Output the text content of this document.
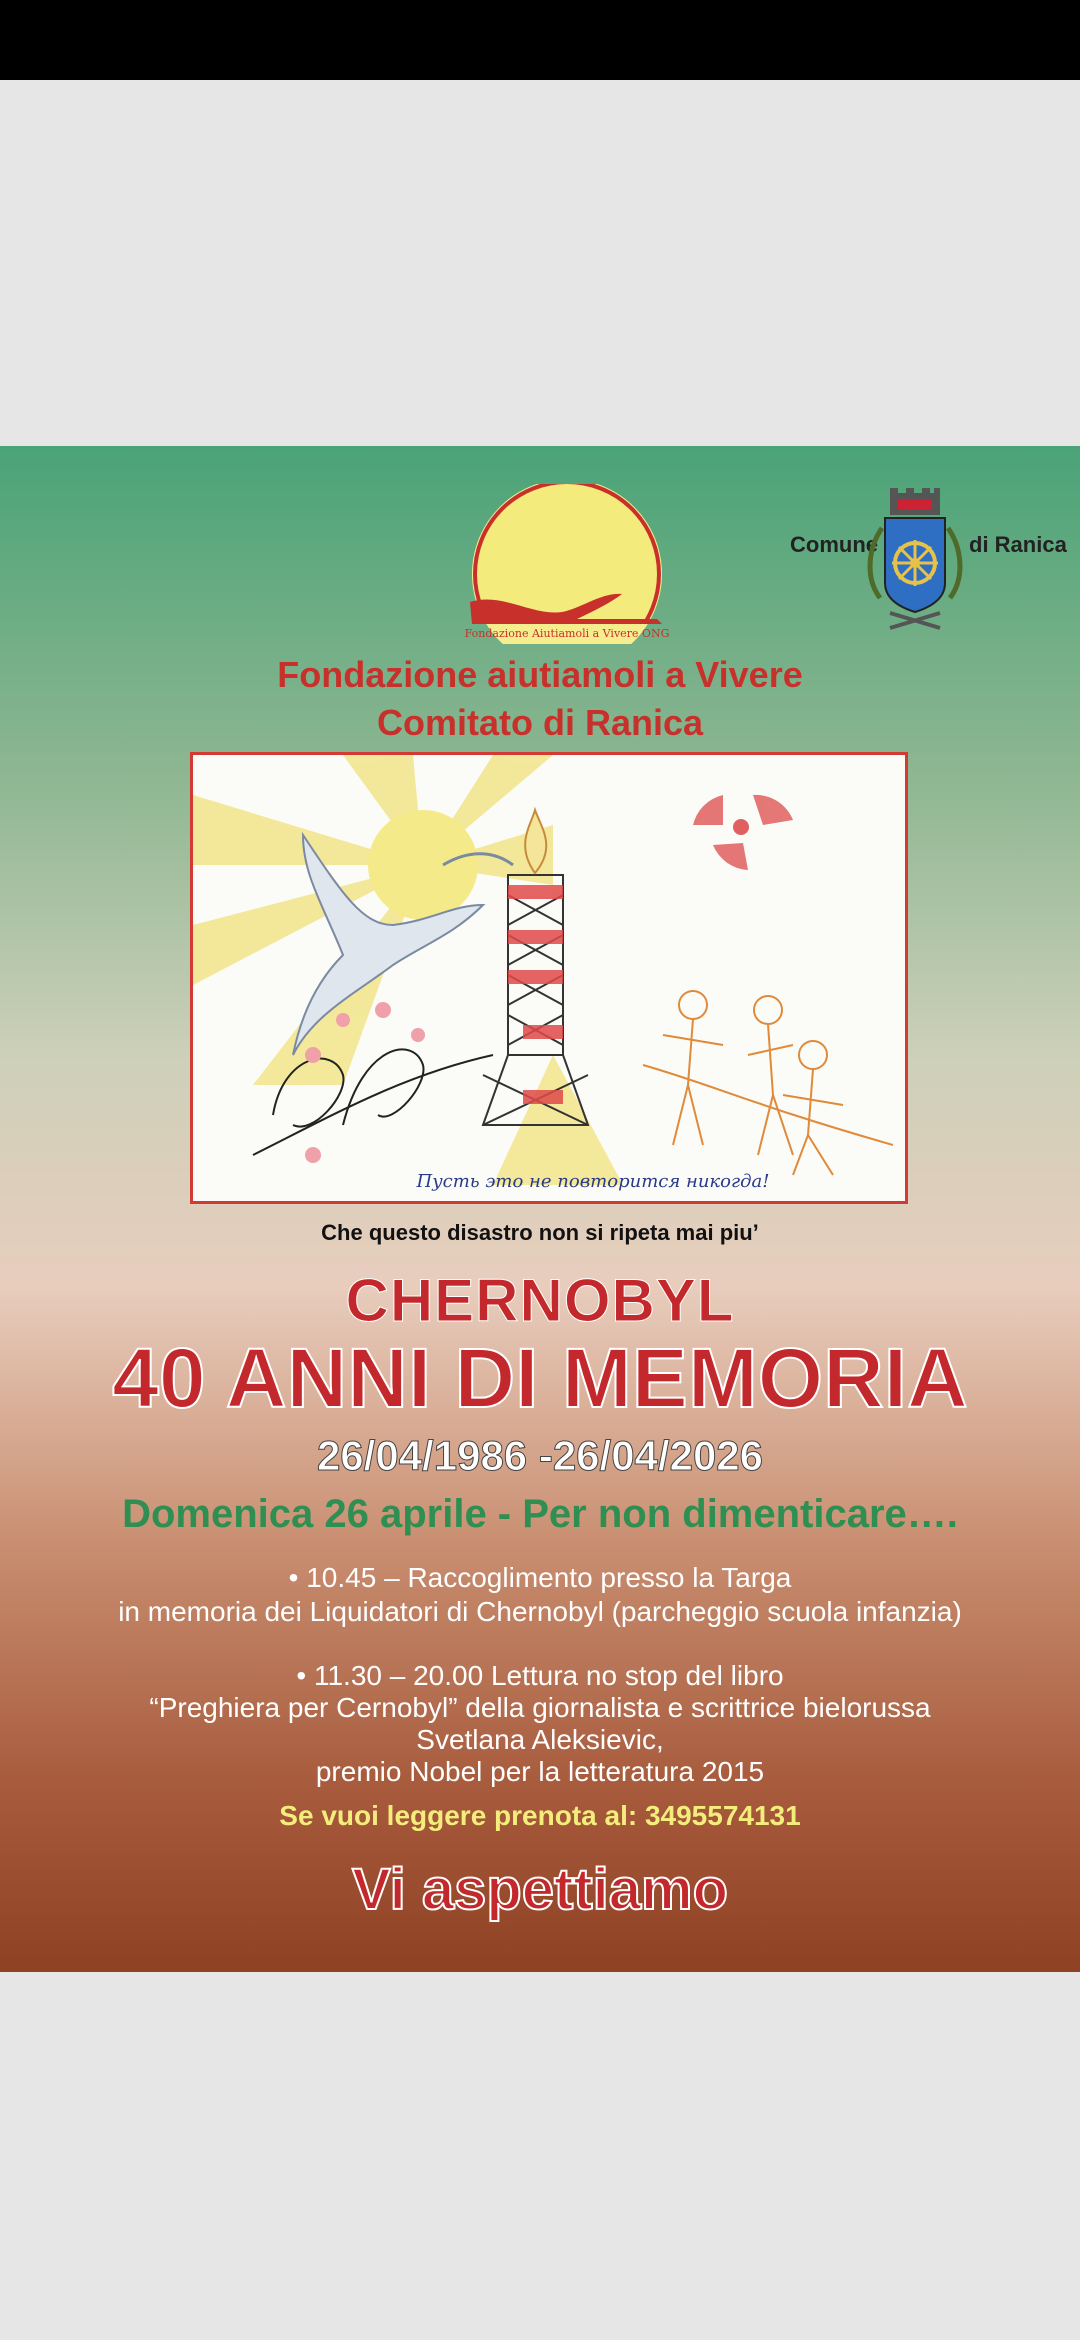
Fondazione Aiutiamoli a Vivere ONG
Fondazione aiutiamoli a Vivere
Comitato di Ranica
Comune	di Ranica
Пусть это не повторится никогда!
Che questo disastro non si ripeta mai piu’
CHERNOBYL
40 ANNI DI MEMORIA
26/04/1986 -26/04/2026
Domenica 26 aprile - Per non dimenticare….
• 10.45 – Raccoglimento presso la Targa
in memoria dei Liquidatori di Chernobyl (parcheggio scuola infanzia)
• 11.30 – 20.00 Lettura no stop del libro
“Preghiera per Cernobyl” della giornalista e scrittrice bielorussa
Svetlana Aleksievic,
premio Nobel per la letteratura 2015
Se vuoi leggere prenota al: 3495574131
Vi aspettiamo
